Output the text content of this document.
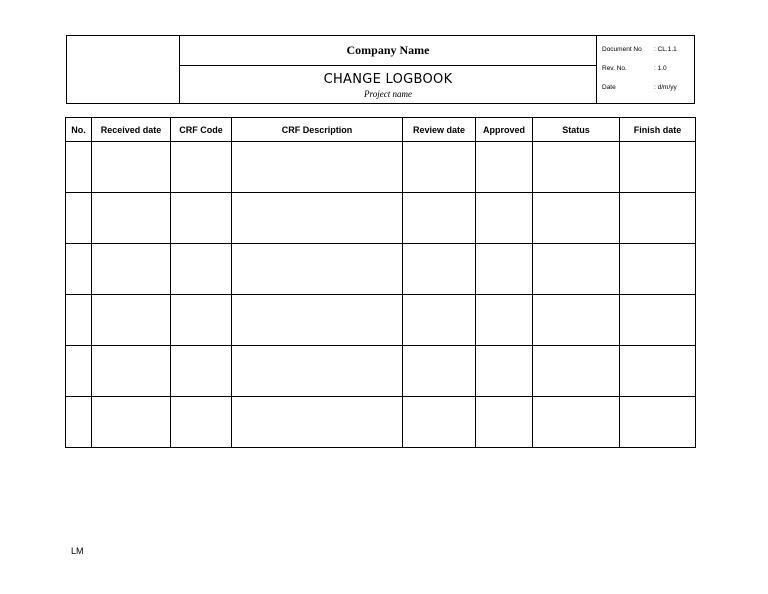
Company Name
CHANGE LOGBOOK
Project name
Document No : CL.1.1
Rev. No.	: 1.0
Date	: d/m/yy
No.	Received date	CRF Code	CRF Description	Review date	Approved	Status	Finish date

LM
